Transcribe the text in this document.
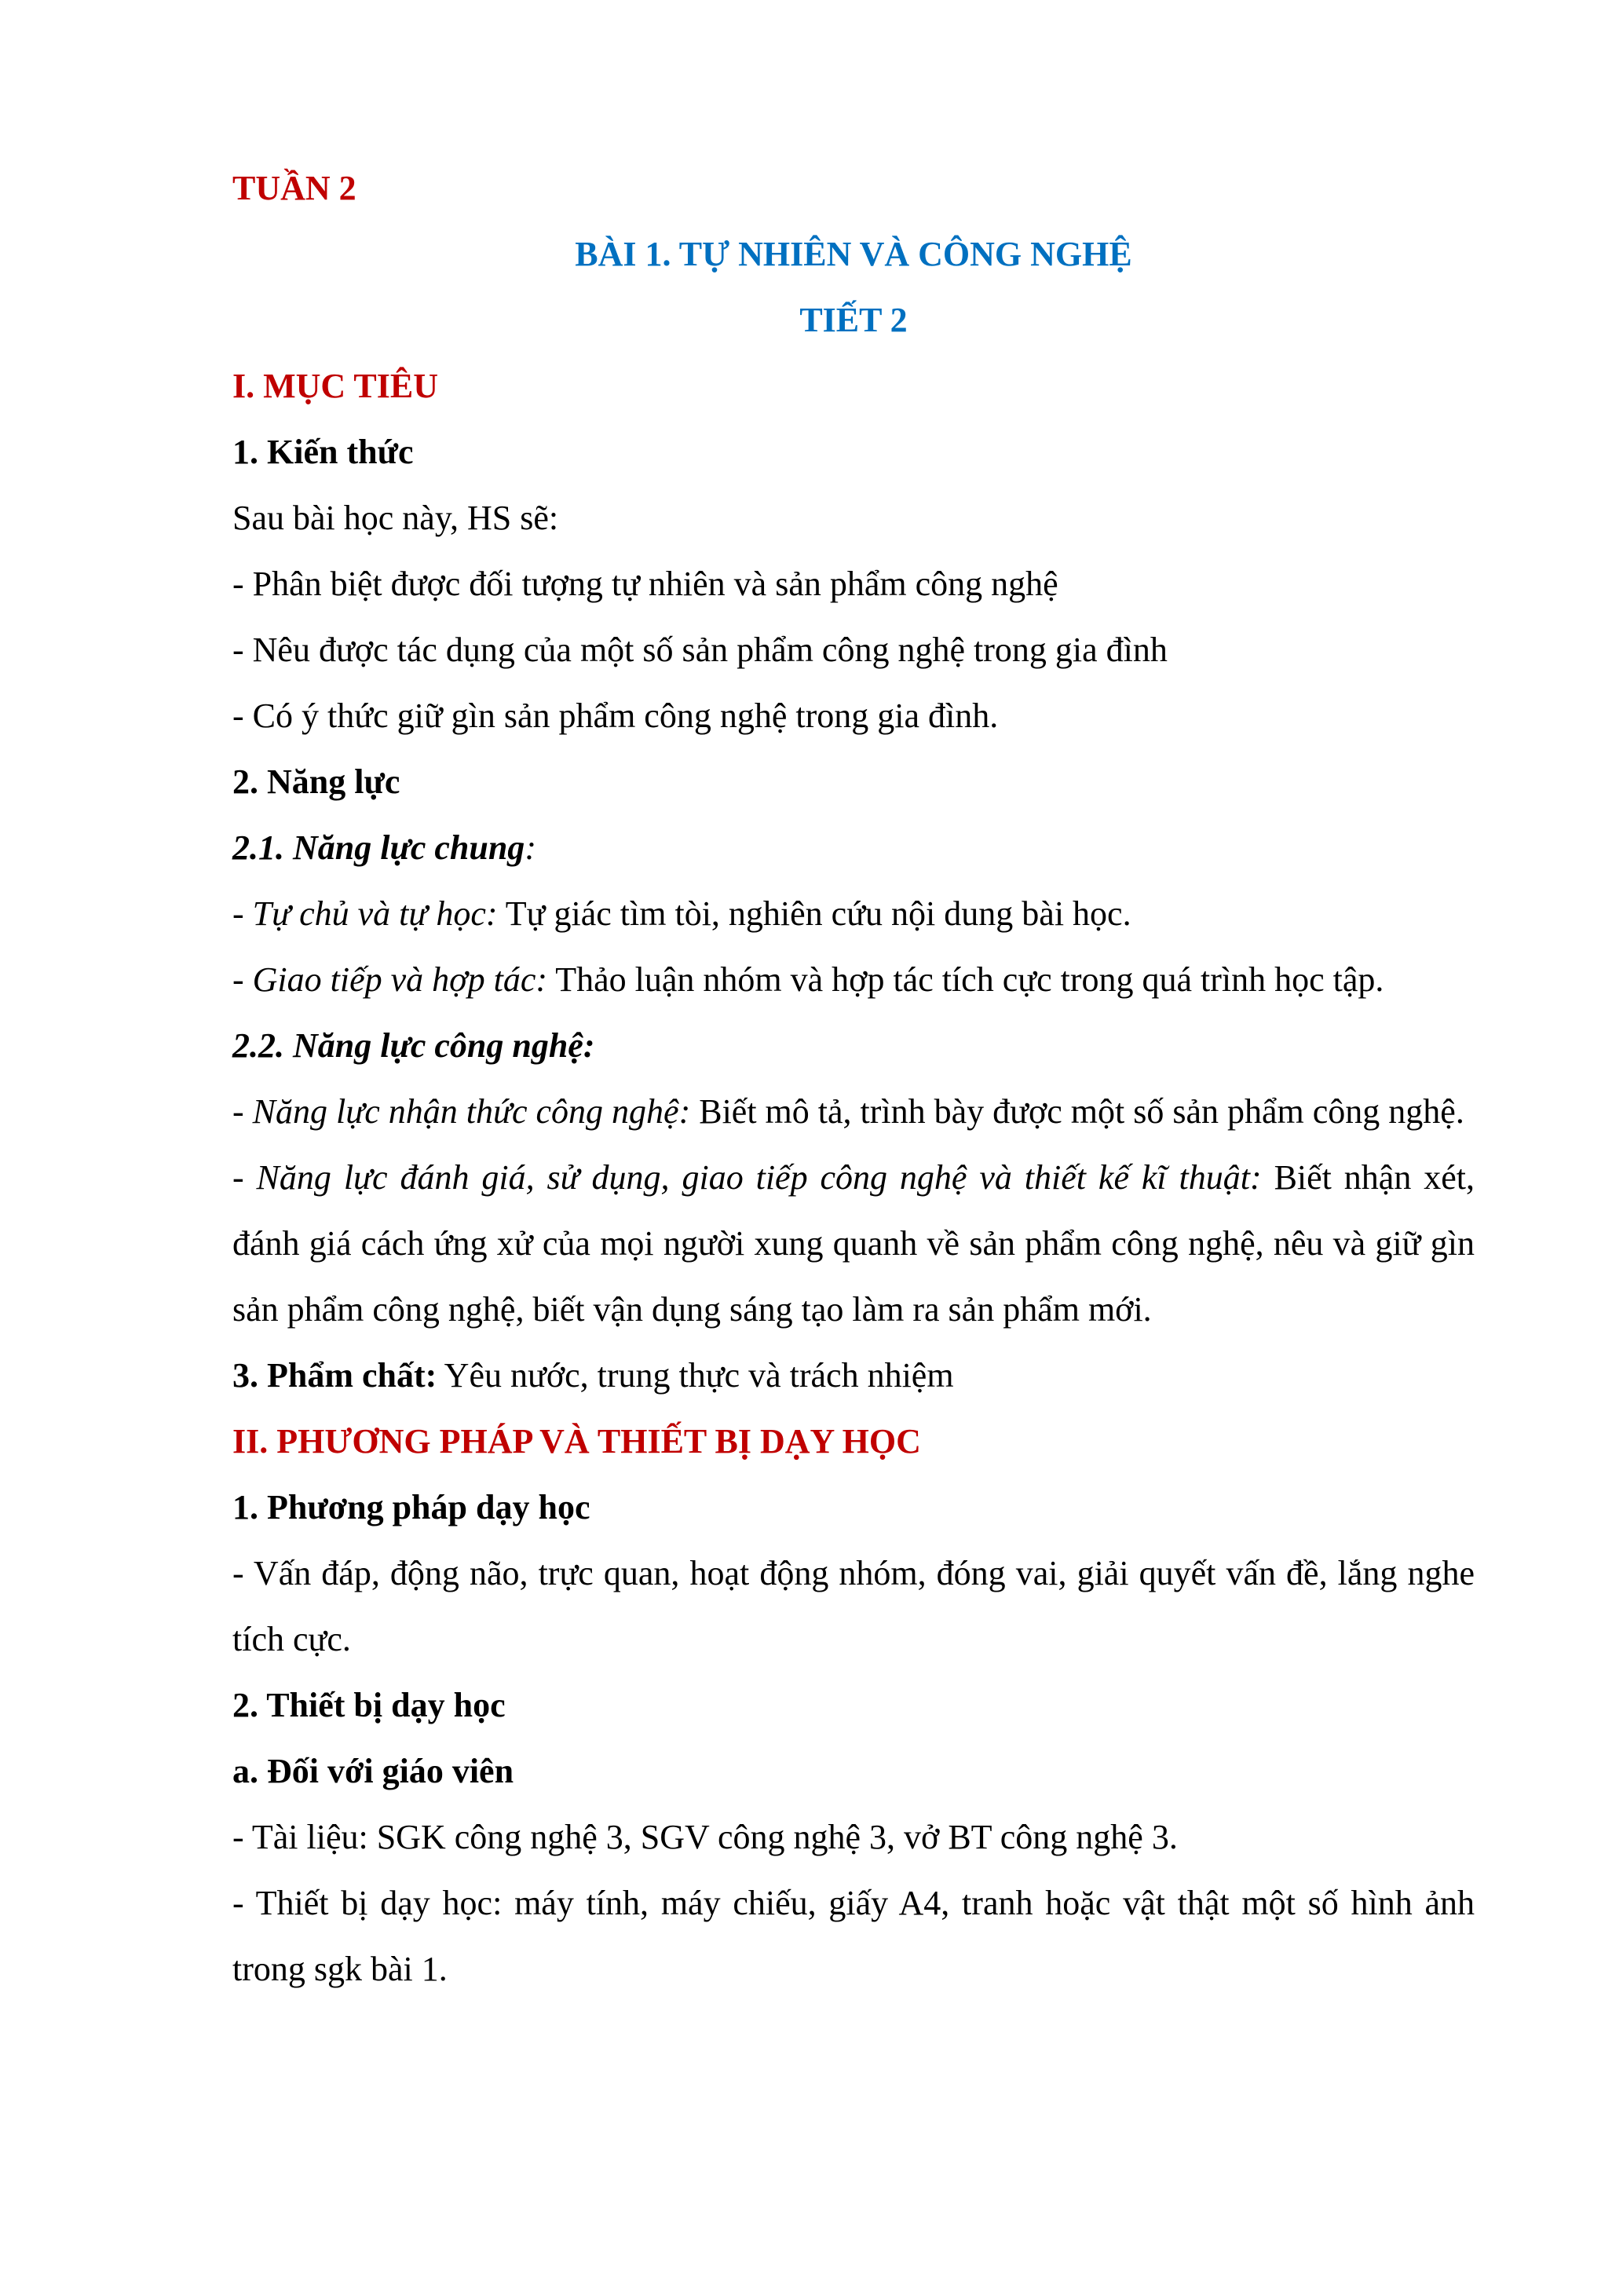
TUẦN 2
BÀI 1. TỰ NHIÊN VÀ CÔNG NGHỆ
TIẾT 2
I. MỤC TIÊU
1. Kiến thức
Sau bài học này, HS sẽ:
- Phân biệt được đối tượng tự nhiên và sản phẩm công nghệ
- Nêu được tác dụng của một số sản phẩm công nghệ trong gia đình
- Có ý thức giữ gìn sản phẩm công nghệ trong gia đình.
2. Năng lực
2.1. Năng lực chung:
- Tự chủ và tự học: Tự giác tìm tòi, nghiên cứu nội dung bài học.
- Giao tiếp và hợp tác: Thảo luận nhóm và hợp tác tích cực trong quá trình học tập.
2.2. Năng lực công nghệ:
- Năng lực nhận thức công nghệ: Biết mô tả, trình bày được một số sản phẩm công nghệ.
- Năng lực đánh giá, sử dụng, giao tiếp công nghệ và thiết kế kĩ thuật: Biết nhận xét, đánh giá cách ứng xử của mọi người xung quanh về sản phẩm công nghệ, nêu và giữ gìn sản phẩm công nghệ, biết vận dụng sáng tạo làm ra sản phẩm mới.
3. Phẩm chất: Yêu nước, trung thực và trách nhiệm
II. PHƯƠNG PHÁP VÀ THIẾT BỊ DẠY HỌC
1. Phương pháp dạy học
- Vấn đáp, động não, trực quan, hoạt động nhóm, đóng vai, giải quyết vấn đề, lắng nghe tích cực.
2. Thiết bị dạy học
a. Đối với giáo viên
- Tài liệu: SGK công nghệ 3, SGV công nghệ 3, vở BT công nghệ 3.
- Thiết bị dạy học: máy tính, máy chiếu, giấy A4, tranh hoặc vật thật một số hình ảnh trong sgk bài 1.
